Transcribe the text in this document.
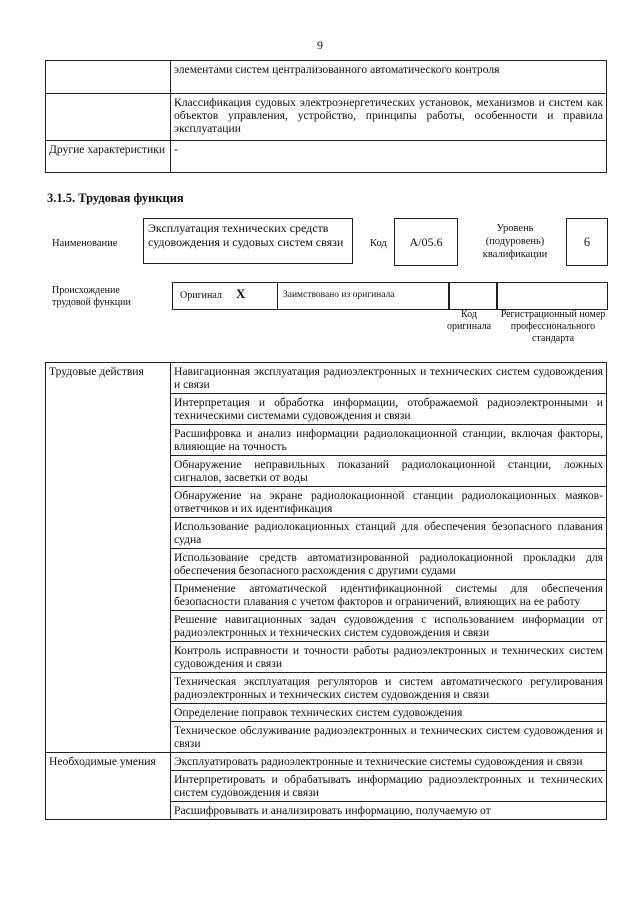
9
	элементами систем централизованного автоматического контроля
	Классификация судовых электроэнергетических установок, механизмов и систем как объектов управления, устройство, принципы работы, особенности и правила эксплуатации
Другие характеристики	-
3.1.5. Трудовая функция
Наименование
Эксплуатация технических средств судовождения и судовых систем связи	Код	А/05.6
Уровень (подуровень) квалификации
6
Происхождение трудовой функции
Оригинал X	Заимствовано из оригинала
Код оригинала
Регистрационный номер профессионального стандарта
Трудовые действия	Навигационная эксплуатация радиоэлектронных и технических систем судовождения и связи
	Интерпретация и обработка информации, отображаемой радиоэлектронными и техническими системами судовождения и связи
	Расшифровка и анализ информации радиолокационной станции, включая факторы, влияющие на точность
	Обнаружение неправильных показаний радиолокационной станции, ложных сигналов, засветки от воды
	Обнаружение на экране радиолокационной станции радиолокационных маяков-ответчиков и их идентификация
	Использование радиолокационных станций для обеспечения безопасного плавания судна
	Использование средств автоматизированной радиолокационной прокладки для обеспечения безопасного расхождения с другими судами
	Применение автоматической идентификационной системы для обеспечения безопасности плавания с учетом факторов и ограничений, влияющих на ее работу
	Решение навигационных задач судовождения с использованием информации от радиоэлектронных и технических систем судовождения и связи
	Контроль исправности и точности работы радиоэлектронных и технических систем судовождения и связи
	Техническая эксплуатация регуляторов и систем автоматического регулирования радиоэлектронных и технических систем судовождения и связи
	Определение поправок технических систем судовождения
	Техническое обслуживание радиоэлектронных и технических систем судовождения и связи
Необходимые умения	Эксплуатировать радиоэлектронные и технические системы судовождения и связи
	Интерпретировать и обрабатывать информацию радиоэлектронных и технических систем судовождения и связи
	Расшифровывать и анализировать информацию, получаемую от
